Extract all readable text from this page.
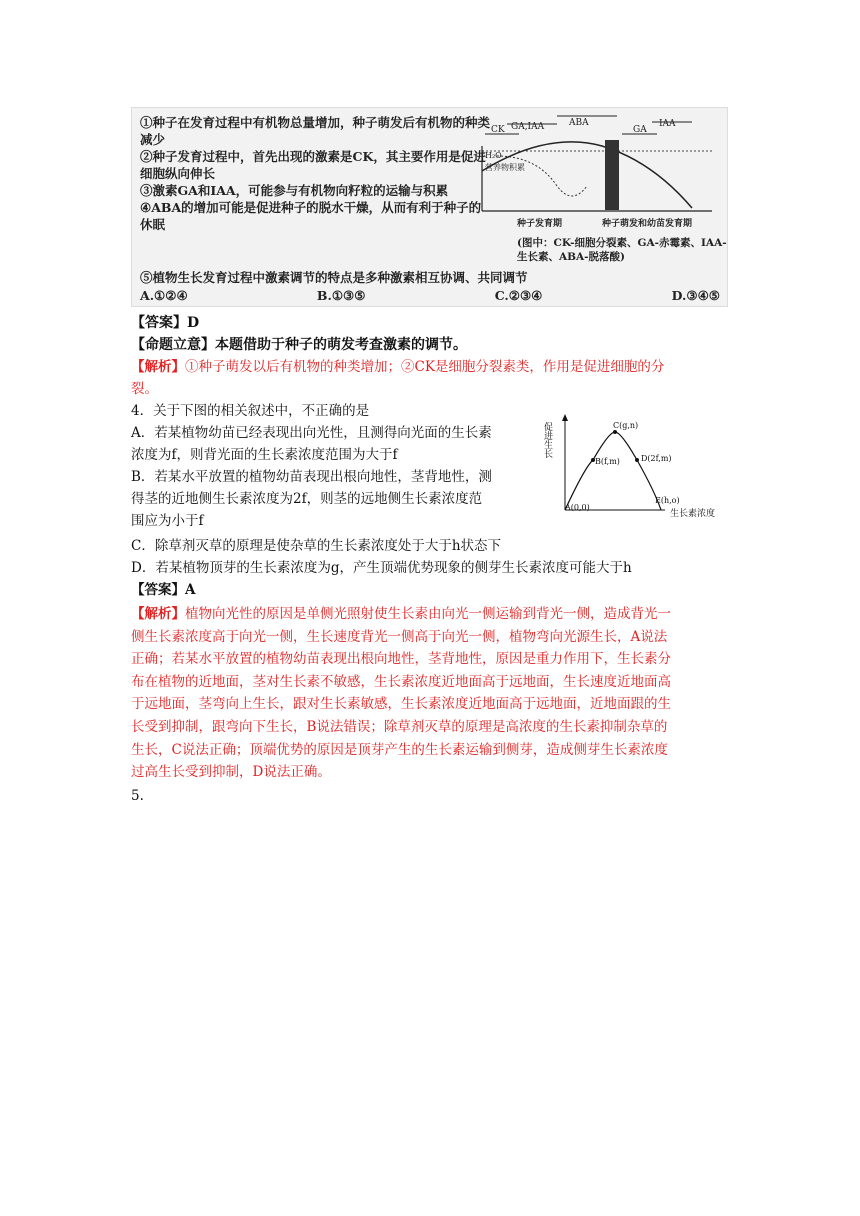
①种子在发育过程中有机物总量增加，种子萌发后有机物的种类减少

②种子发育过程中，首先出现的激素是CK，其主要作用是促进细胞纵向伸长

③激素GA和IAA，可能参与有机物向籽粒的运输与积累

④ABA的增加可能是促进种子的脱水干燥，从而有利于种子的休眠

⑤植物生长发育过程中激素调节的特点是多种激素相互协调、共同调节
A.①②④	B.①③⑤	C.②③④	D.③④⑤
CK GA,IAA	ABA
GA
IAA
H₂O
营养物积累
种子发育期	种子萌发和幼苗发育期
(图中：CK-细胞分裂素、GA-赤霉素、IAA-生长素、ABA-脱落酸)
【答案】D
【命题立意】本题借助于种子的萌发考查激素的调节。
【解析】①种子萌发以后有机物的种类增加；②CK是细胞分裂素类，作用是促进细胞的分
裂。
4．关于下图的相关叙述中，不正确的是
A．若某植物幼苗已经表现出向光性，且测得向光面的生长素
浓度为f，则背光面的生长素浓度范围为大于f
B．若某水平放置的植物幼苗表现出根向地性，茎背地性，测
得茎的近地侧生长素浓度为2f，则茎的远地侧生长素浓度范
围应为小于f
C．除草剂灭草的原理是使杂草的生长素浓度处于大于h状态下
D．若某植物顶芽的生长素浓度为g，产生顶端优势现象的侧芽生长素浓度可能大于h
【答案】A
【解析】植物向光性的原因是单侧光照射使生长素由向光一侧运输到背光一侧，造成背光一
侧生长素浓度高于向光一侧，生长速度背光一侧高于向光一侧，植物弯向光源生长，A说法
正确；若某水平放置的植物幼苗表现出根向地性，茎背地性，原因是重力作用下，生长素分
布在植物的近地面，茎对生长素不敏感，生长素浓度近地面高于远地面，生长速度近地面高
于远地面，茎弯向上生长，跟对生长素敏感，生长素浓度近地面高于远地面，近地面跟的生
长受到抑制，跟弯向下生长，B说法错误；除草剂灭草的原理是高浓度的生长素抑制杂草的
生长，C说法正确；顶端优势的原因是顶芽产生的生长素运输到侧芽，造成侧芽生长素浓度
过高生长受到抑制，D说法正确。
5.
促进生长
生长素浓度
A(0,0)
B(f,m)
C(g,n)
D(2f,m)
E(h,o)
